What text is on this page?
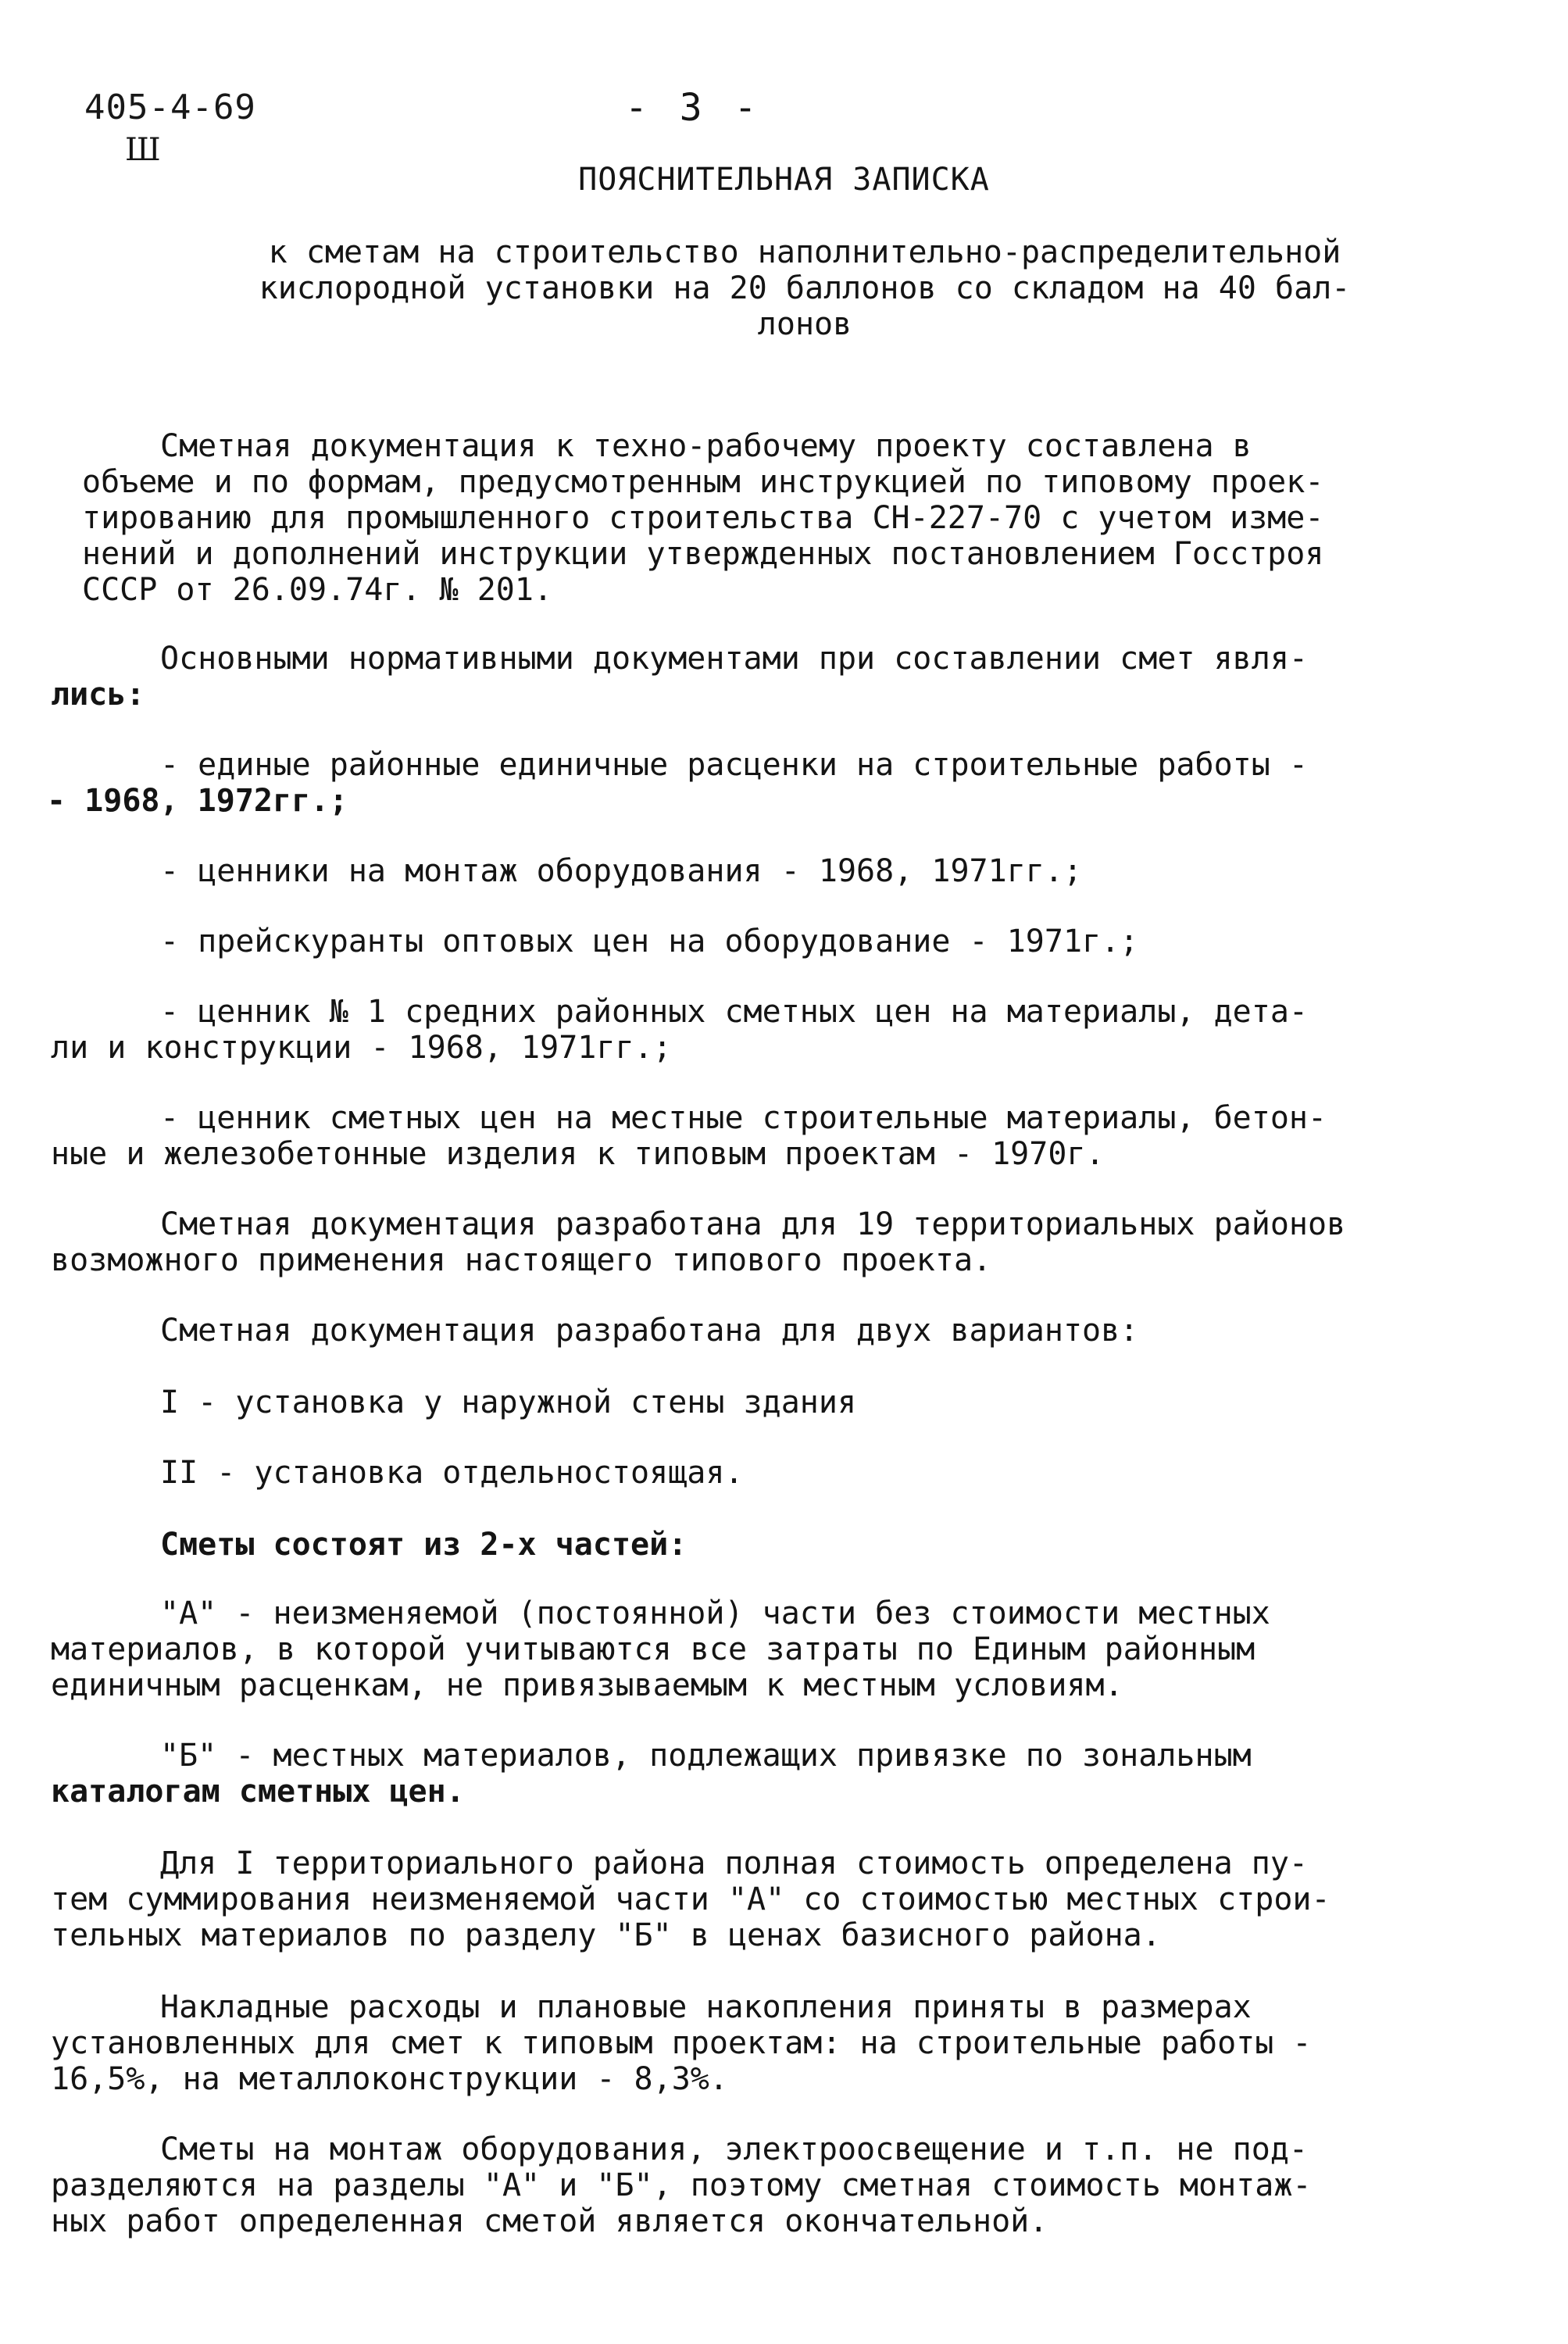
405-4-69
Ш
- 3 -
ПОЯСНИТЕЛЬНАЯ ЗАПИСКА
к сметам на строительство наполнительно-распределительной
кислородной установки на 20 баллонов со складом на 40 бал-
лонов

Сметная документация к техно-рабочему проекту составлена в
объеме и по формам, предусмотренным инструкцией по типовому проек-
тированию для промышленного строительства СН-227-70 с учетом изме-
нений и дополнений инструкции утвержденных постановлением Госстроя
СССР от 26.09.74г. № 201.

Основными нормативными документами при составлении смет явля-
лись:

- единые районные единичные расценки на строительные работы -
- 1968, 1972гг.;

- ценники на монтаж оборудования - 1968, 1971гг.;

- прейскуранты оптовых цен на оборудование - 1971г.;

- ценник № 1 средних районных сметных цен на материалы, дета-
ли и конструкции - 1968, 1971гг.;

- ценник сметных цен на местные строительные материалы, бетон-
ные и железобетонные изделия к типовым проектам - 1970г.

Сметная документация разработана для 19 территориальных районов
возможного применения настоящего типового проекта.

Сметная документация разработана для двух вариантов:

I - установка у наружной стены здания

II - установка отдельностоящая.

Сметы состоят из 2-х частей:

"А" - неизменяемой (постоянной) части без стоимости местных
материалов, в которой учитываются все затраты по Единым районным
единичным расценкам, не привязываемым к местным условиям.

"Б" - местных материалов, подлежащих привязке по зональным
каталогам сметных цен.

Для I территориального района полная стоимость определена пу-
тем суммирования неизменяемой части "А" со стоимостью местных строи-
тельных материалов по разделу "Б" в ценах базисного района.

Накладные расходы и плановые накопления приняты в размерах
установленных для смет к типовым проектам: на строительные работы -
16,5%, на металлоконструкции - 8,3%.

Сметы на монтаж оборудования, электроосвещение и т.п. не под-
разделяются на разделы "А" и "Б", поэтому сметная стоимость монтаж-
ных работ определенная сметой является окончательной.
